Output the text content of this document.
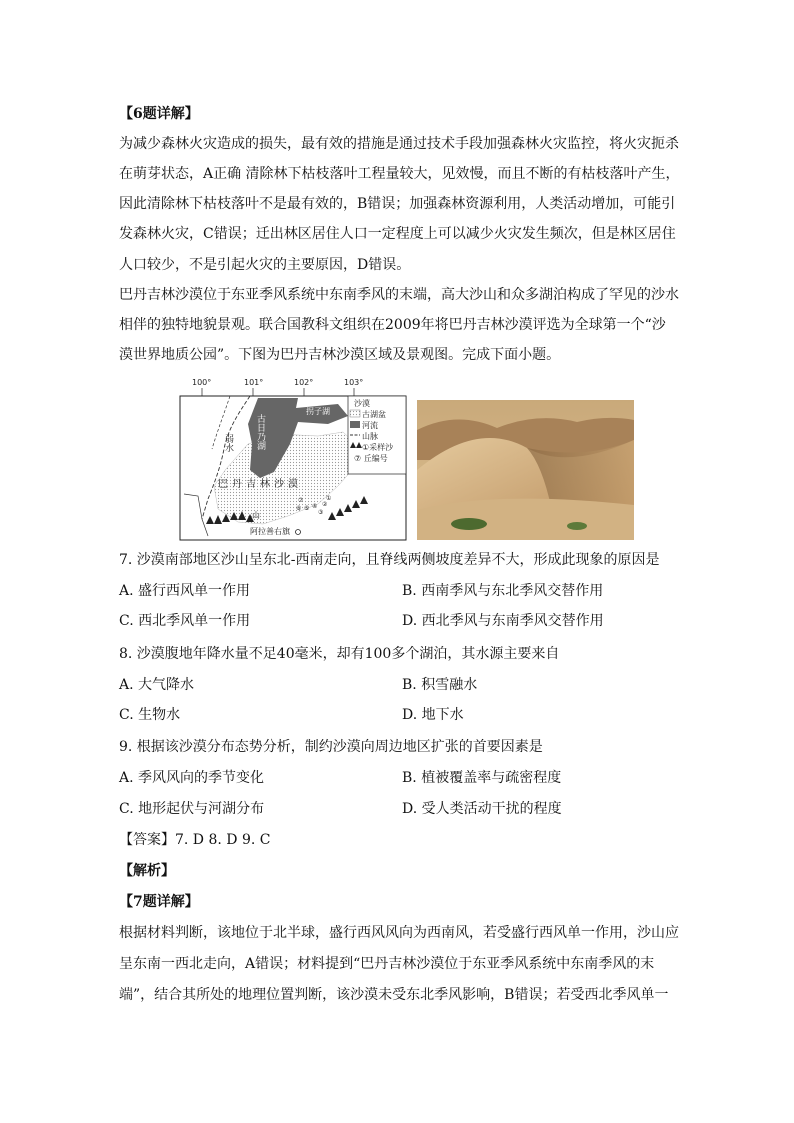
【6题详解】
为减少森林火灾造成的损失，最有效的措施是通过技术手段加强森林火灾监控，将火灾扼杀
在萌芽状态，A正确 清除林下枯枝落叶工程量较大，见效慢，而且不断的有枯枝落叶产生，
因此清除林下枯枝落叶不是最有效的，B错误；加强森林资源利用，人类活动增加，可能引
发森林火灾，C错误；迁出林区居住人口一定程度上可以减少火灾发生频次，但是林区居住
人口较少，不是引起火灾的主要原因，D错误。
巴丹吉林沙漠位于东亚季风系统中东南季风的末端，高大沙山和众多湖泊构成了罕见的沙水
相伴的独特地貌景观。联合国教科文组织在2009年将巴丹吉林沙漠评选为全球第一个“沙
漠世界地质公园”。下图为巴丹吉林沙漠区域及景观图。完成下面小题。
100°	101°	102°	103°
古日乃湖
拐子湖
弱水
巴丹吉林沙漠
山
阿拉善右旗
⑦
⑥ ⑤ ④
③
②
①
沙漠
古湖盆
河流
山脉
①采样沙
⑦ 丘编号
7. 沙漠南部地区沙山呈东北-西南走向，且脊线两侧坡度差异不大，形成此现象的原因是
A. 盛行西风单一作用	B. 西南季风与东北季风交替作用
C. 西北季风单一作用	D. 西北季风与东南季风交替作用
8. 沙漠腹地年降水量不足40毫米，却有100多个湖泊，其水源主要来自
A. 大气降水	B. 积雪融水
C. 生物水	D. 地下水
9. 根据该沙漠分布态势分析，制约沙漠向周边地区扩张的首要因素是
A. 季风风向的季节变化	B. 植被覆盖率与疏密程度
C. 地形起伏与河湖分布	D. 受人类活动干扰的程度
【答案】7. D 8. D 9. C
【解析】
【7题详解】
根据材料判断，该地位于北半球，盛行西风风向为西南风，若受盛行西风单一作用，沙山应
呈东南一西北走向，A错误；材料提到“巴丹吉林沙漠位于东亚季风系统中东南季风的末
端”，结合其所处的地理位置判断，该沙漠未受东北季风影响，B错误；若受西北季风单一
